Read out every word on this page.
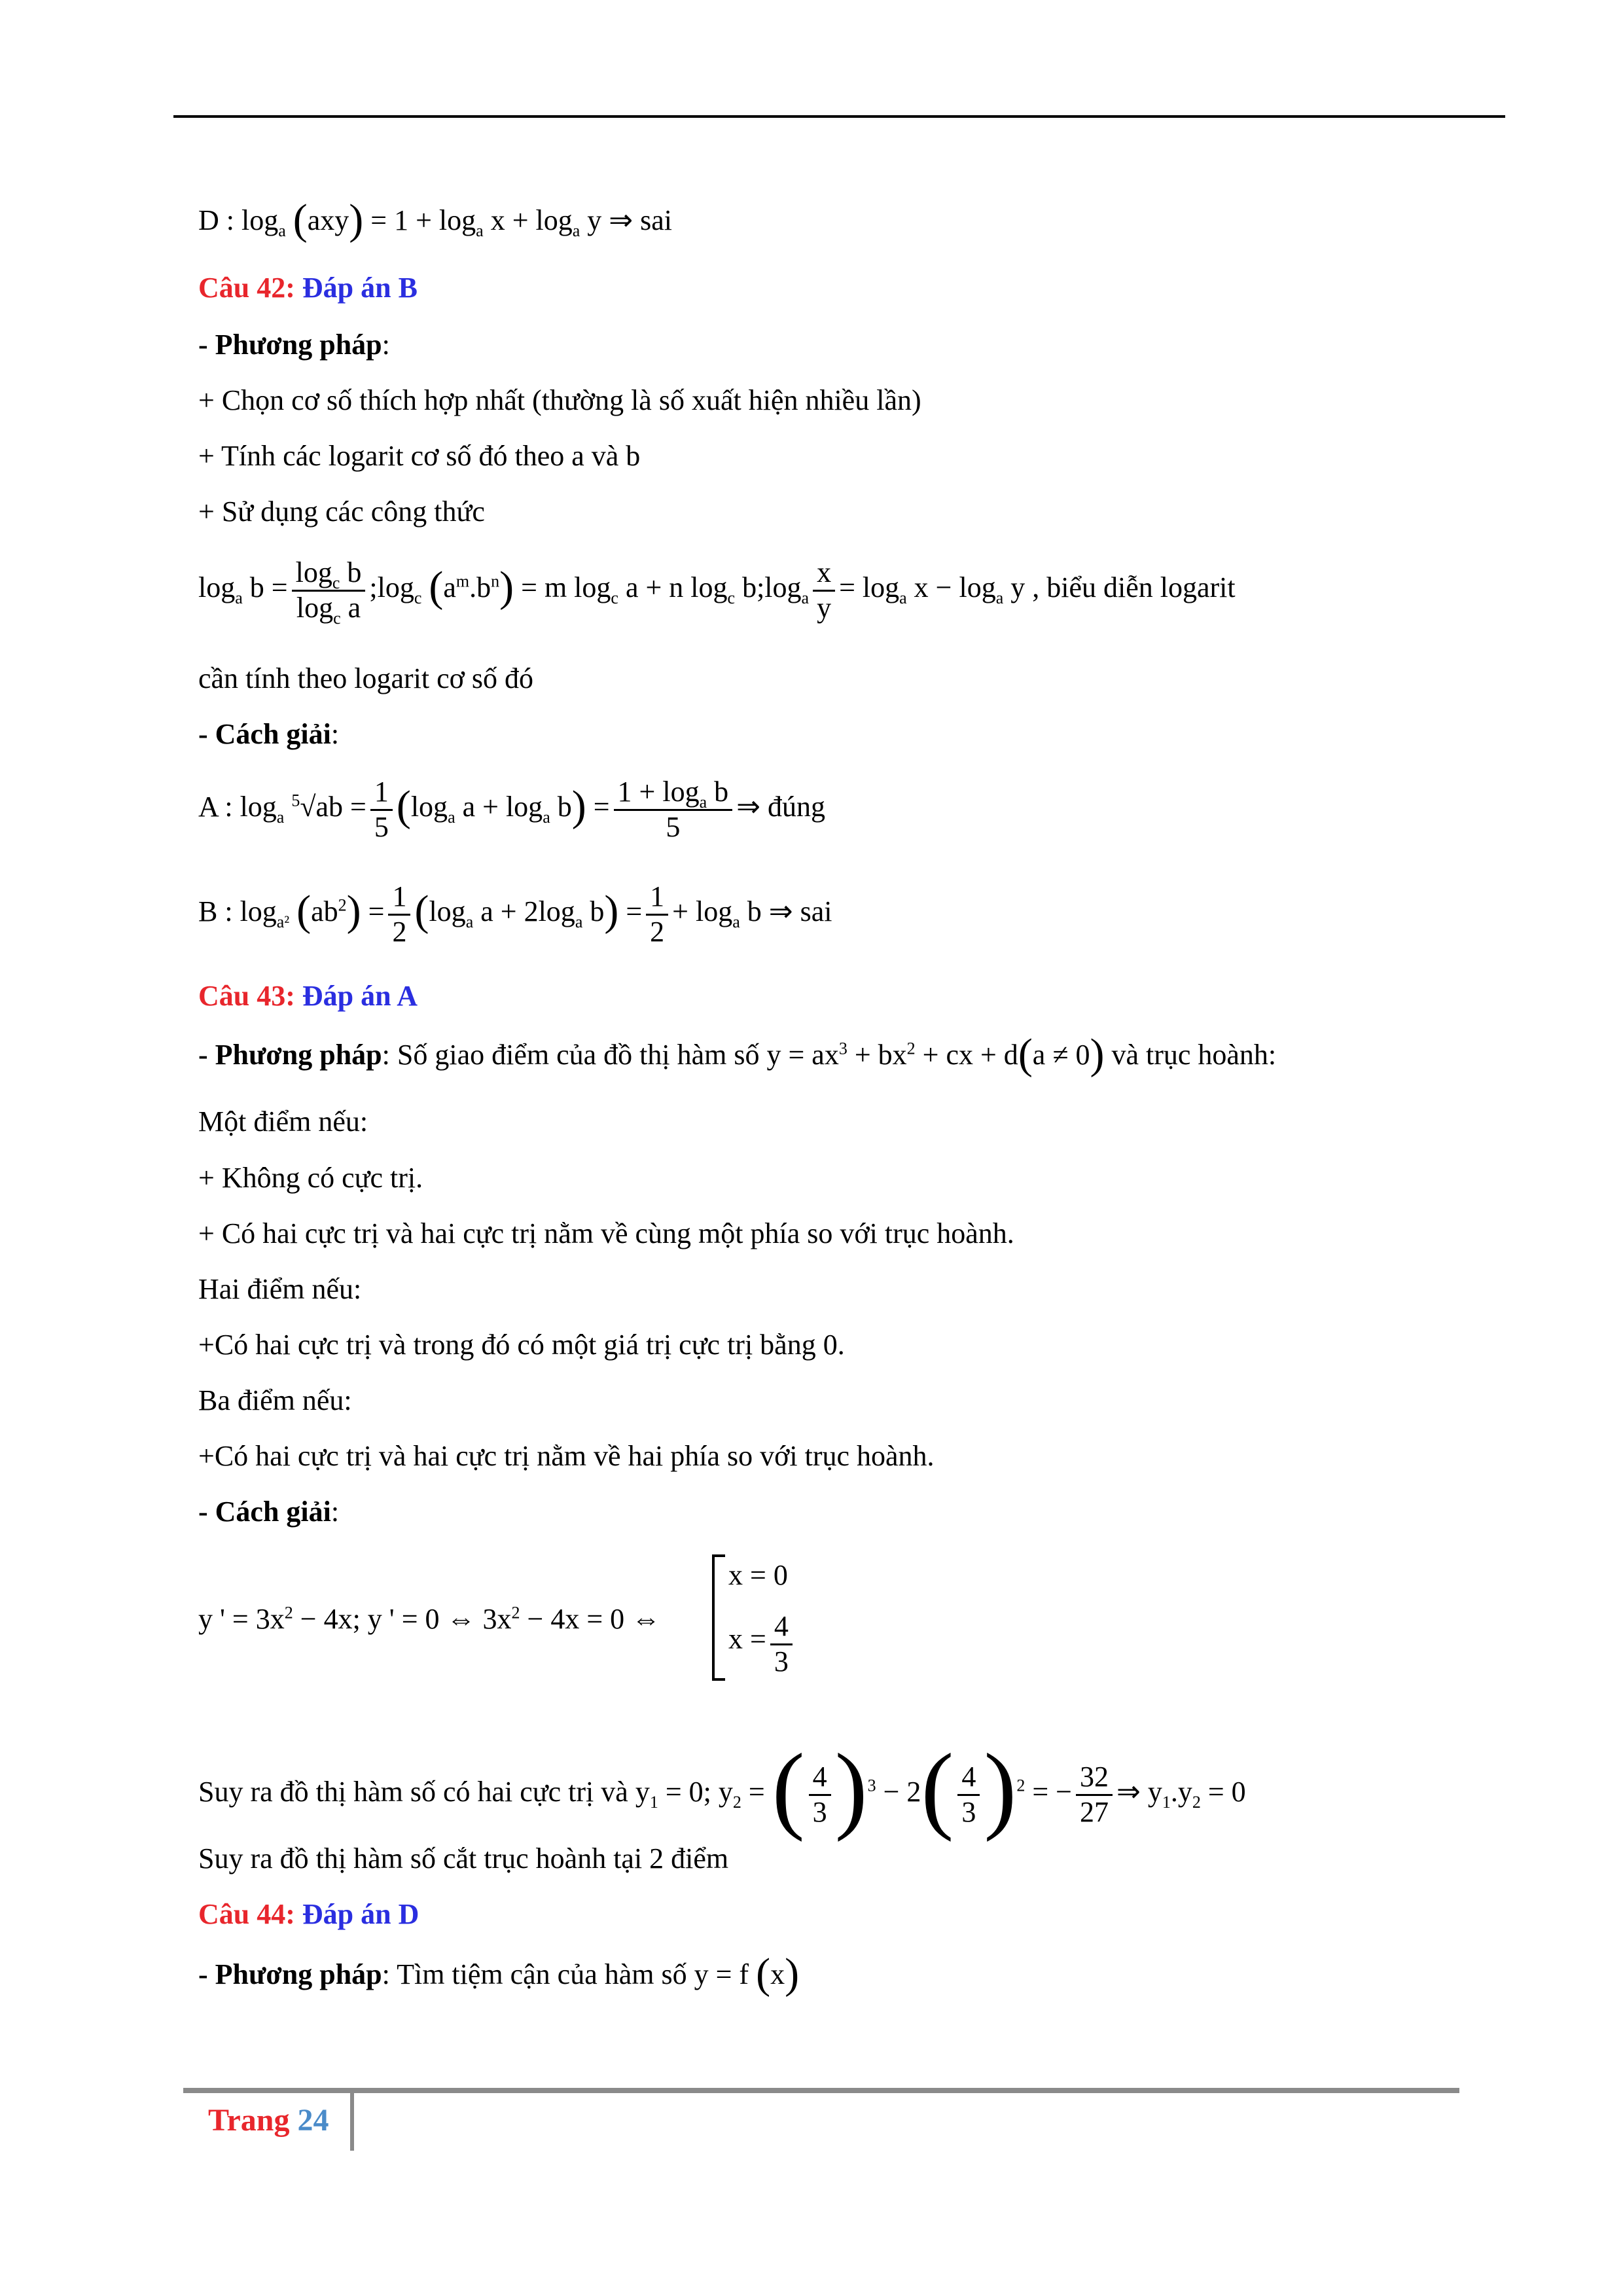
D : $\log_a (axy) = 1 + \log_a x + \log_a y$ ⇒ sai
Câu 42: Đáp án B
- Phương pháp:
+ Chọn cơ số thích hợp nhất (thường là số xuất hiện nhiều lần)
+ Tính các logarit cơ số đó theo a và b
+ Sử dụng các công thức
$\log_a b = \frac{\log_c b}{\log_c a}$ $;\log_c$ $(a^m.b^n) = m$ $\log_c a + n$ $\log_c$ $b;\log_a \frac{x}{y} = \log_a x - \log_a y$ , biểu diễn logarit
cần tính theo logarit cơ số đó
- Cách giải:
A : $\log_a ^5√ab = \frac{1}{5} (\log_a$ $a + \log_a b) = \frac{1 + \log_a b}{5}$ ⇒ đúng
B : $\log_{a^2} (ab^2) = \frac{1}{2} (\log_a$ $a + 2\log_a$ $b) = \frac{1}{2} + \log_a b$ ⇒ sai
Câu 43: Đáp án A
- Phương pháp: Số giao điểm của đồ thị hàm số $y = ax^3 + bx^2$ + cx + d(a ≠ 0) và trục hoành:
Một điểm nếu:
+ Không có cực trị.
+ Có hai cực trị và hai cực trị nằm về cùng một phía so với trục hoành.
Hai điểm nếu:
+Có hai cực trị và trong đó có một giá trị cực trị bằng 0.
Ba điểm nếu:
+Có hai cực trị và hai cực trị nằm về hai phía so với trục hoành.
- Cách giải:
y ' = $3x^2 - 4x$; y ' = 0 ⇔ $3x^2 - 4x = 0$ ⇔
x = 0
$x = \frac{4}{3}$
Suy ra đồ thị hàm số có hai cực trị và $y_1 = 0$; $y_2$ = ( $\frac{4}{3} )^3 - 2( \frac{4}{3} )^2$ = − $\frac{32}{27}$ ⇒ $y_1.y_2 = 0$
Suy ra đồ thị hàm số cắt trục hoành tại 2 điểm
Câu 44: Đáp án D
- Phương pháp: Tìm tiệm cận của hàm số y = f (x)
Trang 24
